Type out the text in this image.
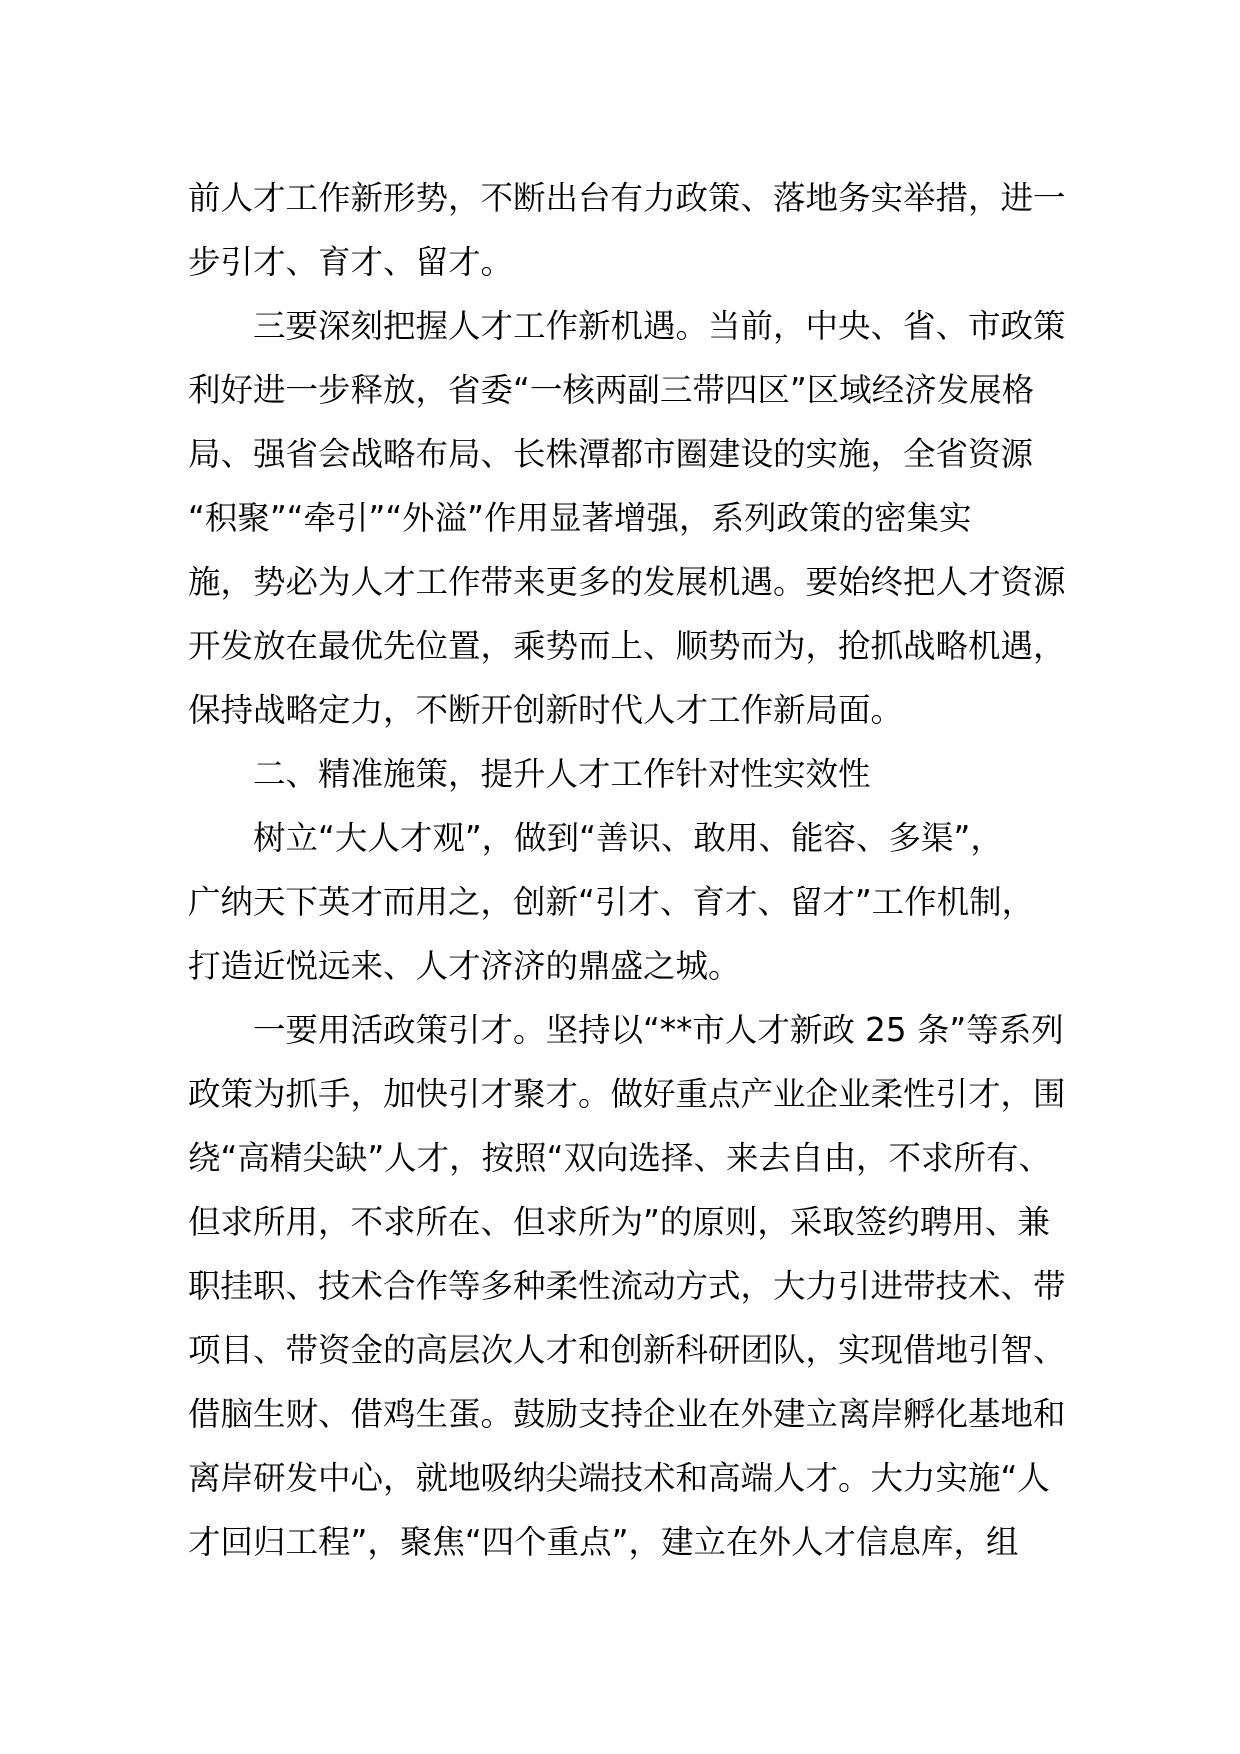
前人才工作新形势，不断出台有力政策、落地务实举措，进一
步引才、育才、留才。
三要深刻把握人才工作新机遇。当前，中央、省、市政策
利好进一步释放，省委“一核两副三带四区”区域经济发展格
局、强省会战略布局、长株潭都市圈建设的实施，全省资源
“积聚”“牵引”“外溢”作用显著增强，系列政策的密集实
施，势必为人才工作带来更多的发展机遇。要始终把人才资源
开发放在最优先位置，乘势而上、顺势而为，抢抓战略机遇，
保持战略定力，不断开创新时代人才工作新局面。
二、精准施策，提升人才工作针对性实效性
树立“大人才观”，做到“善识、敢用、能容、多渠”，
广纳天下英才而用之，创新“引才、育才、留才”工作机制，
打造近悦远来、人才济济的鼎盛之城。
一要用活政策引才。坚持以“**市人才新政 25 条”等系列
政策为抓手，加快引才聚才。做好重点产业企业柔性引才，围
绕“高精尖缺”人才，按照“双向选择、来去自由，不求所有、
但求所用，不求所在、但求所为”的原则，采取签约聘用、兼
职挂职、技术合作等多种柔性流动方式，大力引进带技术、带
项目、带资金的高层次人才和创新科研团队，实现借地引智、
借脑生财、借鸡生蛋。鼓励支持企业在外建立离岸孵化基地和
离岸研发中心，就地吸纳尖端技术和高端人才。大力实施“人
才回归工程”，聚焦“四个重点”，建立在外人才信息库，组
